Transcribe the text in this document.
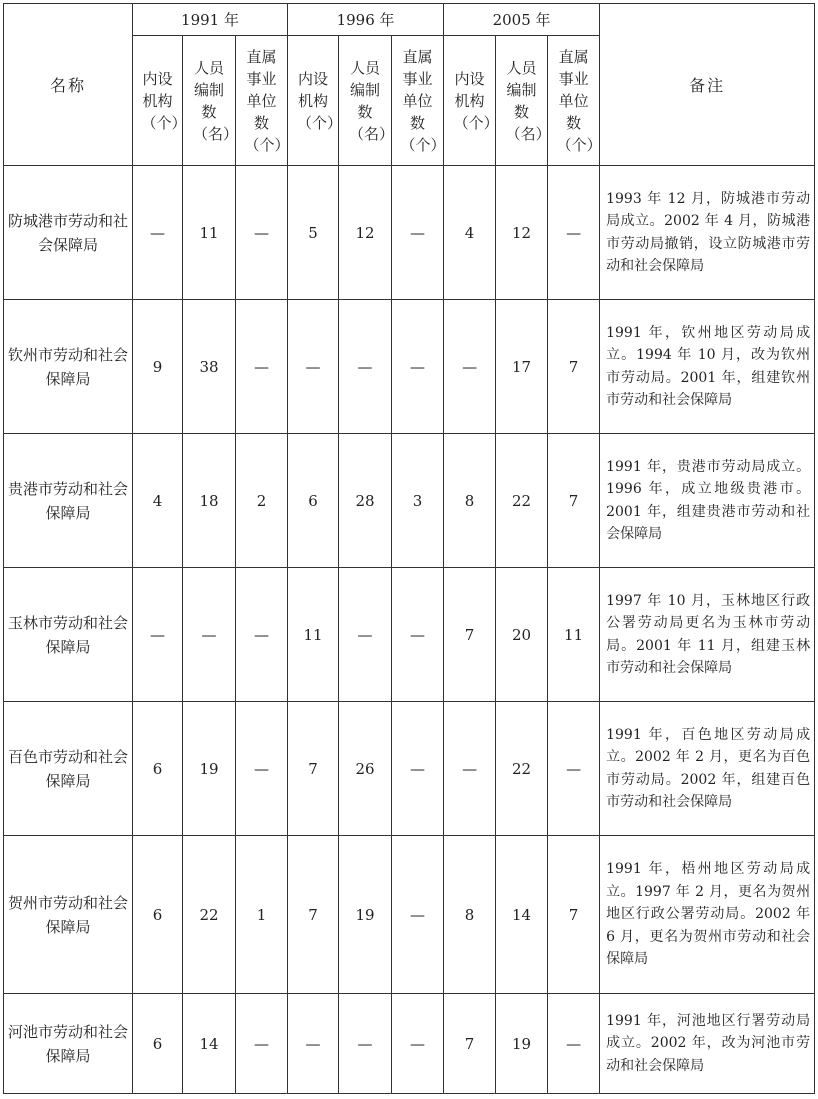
名称	1991 年			1996 年			2005 年			备注
	内设机构（个）	人员编制数（名）	直属事业单位数（个）	内设机构（个）	人员编制数（名）	直属事业单位数（个）	内设机构（个）	人员编制数（名）	直属事业单位数（个）	
防城港市劳动和社会保障局	—	11	—	5	12	—	4	12	—	1993 年 12 月，防城港市劳动局成立。2002 年 4 月，防城港市劳动局撤销，设立防城港市劳动和社会保障局
钦州市劳动和社会保障局	9	38	—	—	—	—	—	17	7	1991 年，钦州地区劳动局成立。1994 年 10 月，改为钦州市劳动局。2001 年，组建钦州市劳动和社会保障局
贵港市劳动和社会保障局	4	18	2	6	28	3	8	22	7	1991 年，贵港市劳动局成立。1996 年，成立地级贵港市。2001 年，组建贵港市劳动和社会保障局
玉林市劳动和社会保障局	—	—	—	11	—	—	7	20	11	1997 年 10 月，玉林地区行政公署劳动局更名为玉林市劳动局。2001 年 11 月，组建玉林市劳动和社会保障局
百色市劳动和社会保障局	6	19	—	7	26	—	—	22	—	1991 年，百色地区劳动局成立。2002 年 2 月，更名为百色市劳动局。2002 年，组建百色市劳动和社会保障局
贺州市劳动和社会保障局	6	22	1	7	19	—	8	14	7	1991 年，梧州地区劳动局成立。1997 年 2 月，更名为贺州地区行政公署劳动局。2002 年 6 月，更名为贺州市劳动和社会保障局
河池市劳动和社会保障局	6	14	—	—	—	—	7	19	—	1991 年，河池地区行署劳动局成立。2002 年，改为河池市劳动和社会保障局
